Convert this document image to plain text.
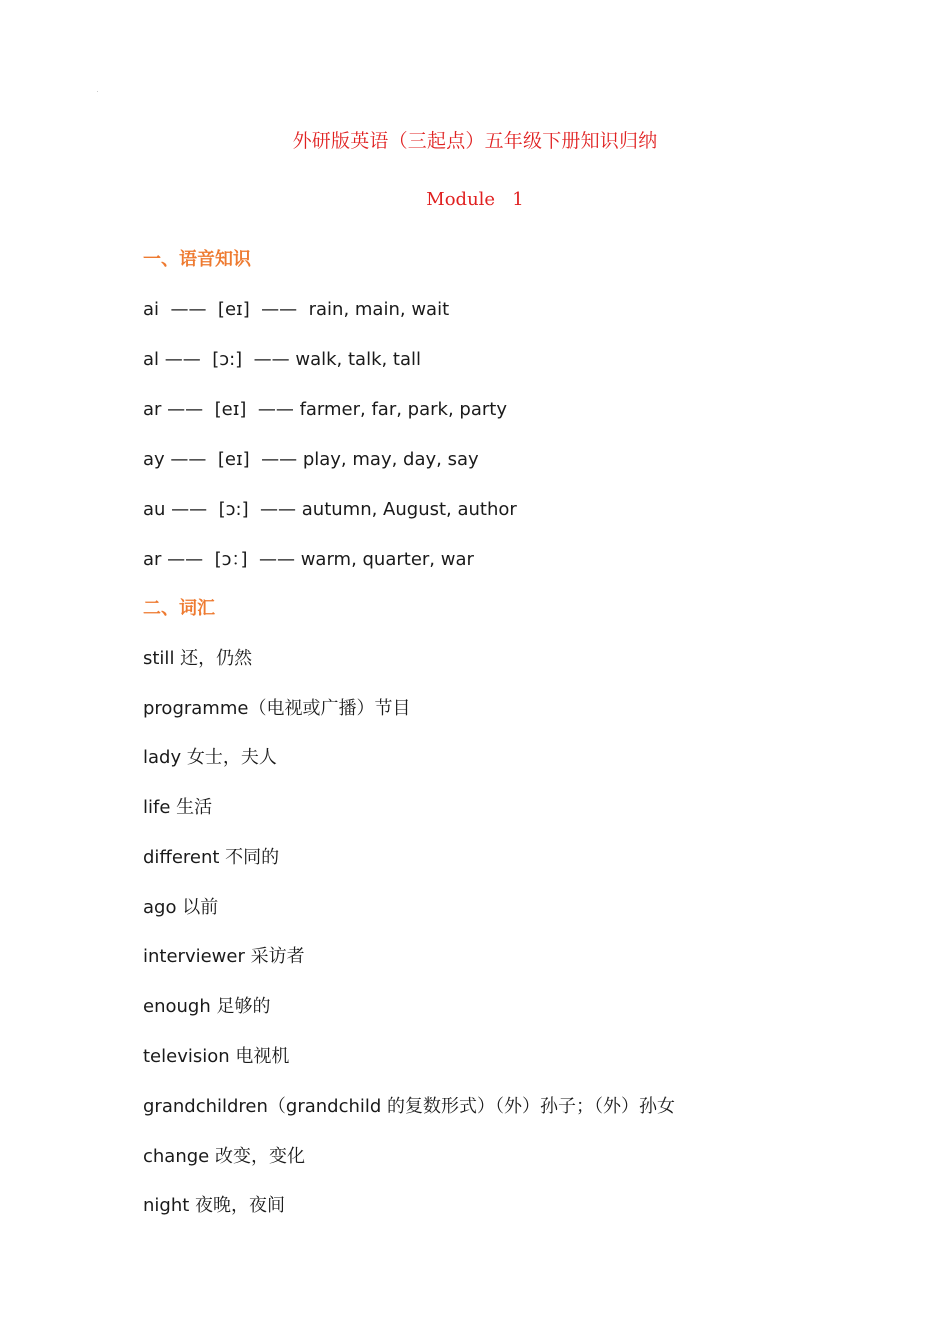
外研版英语（三起点）五年级下册知识归纳
Module   1
一、语音知识
ai  ——  [eɪ]  ——  rain, main, wait
al ——  [ɔ:]  —— walk, talk, tall
ar ——  [eɪ]  —— farmer, far, park, party
ay ——  [eɪ]  —— play, may, day, say
au ——  [ɔ:]  —— autumn, August, author
ar ——  [ɔ：]  —— warm, quarter, war
二、词汇
still 还，仍然
programme（电视或广播）节目
lady 女士，夫人
life 生活
different 不同的
ago 以前
interviewer 采访者
enough 足够的
television 电视机
grandchildren（grandchild 的复数形式）（外）孙子；（外）孙女
change 改变，变化
night 夜晚，夜间
